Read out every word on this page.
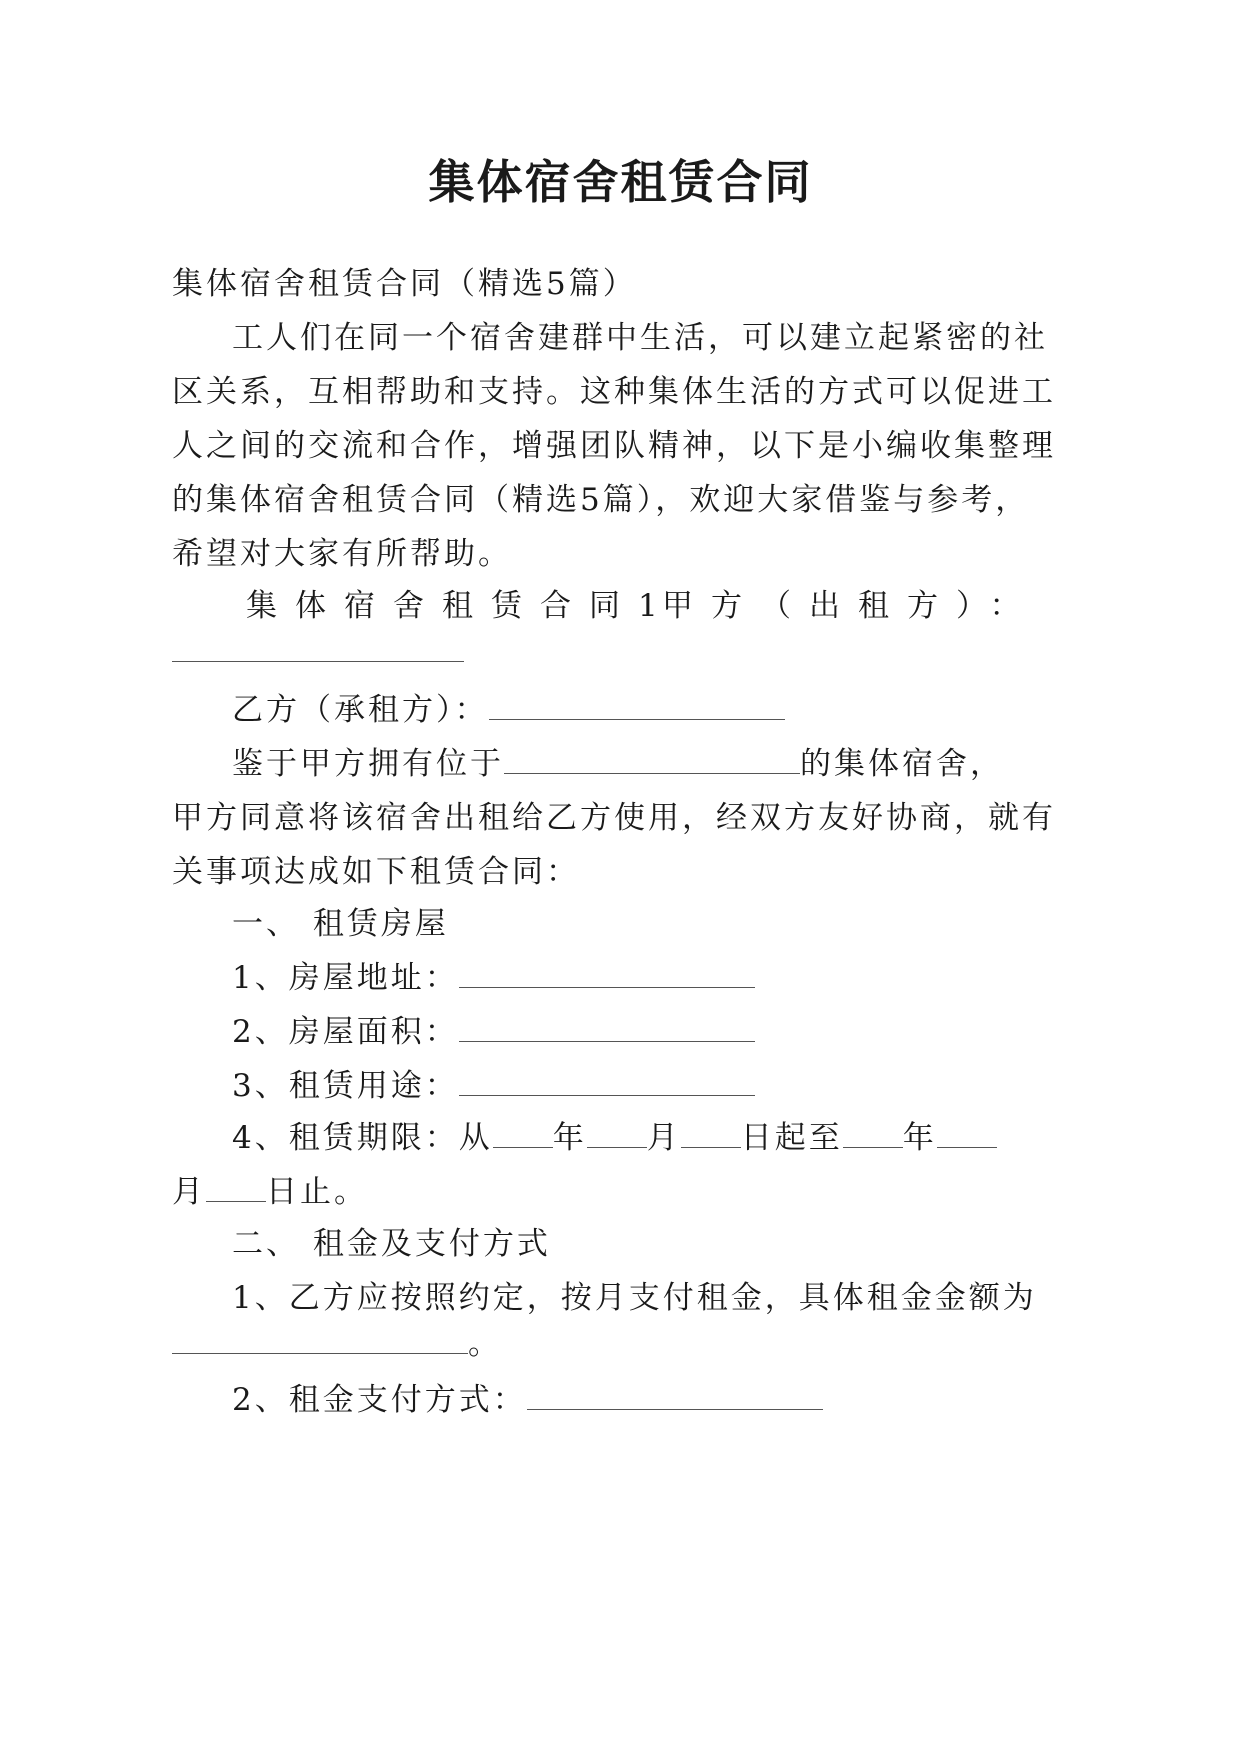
集体宿舍租赁合同
集体宿舍租赁合同（精选5篇）
工人们在同一个宿舍建群中生活，可以建立起紧密的社
区关系，互相帮助和支持。这种集体生活的方式可以促进工
人之间的交流和合作，增强团队精神，以下是小编收集整理
的集体宿舍租赁合同（精选5篇），欢迎大家借鉴与参考，
希望对大家有所帮助。
集体宿舍租赁合同1
甲方（出租方）：
乙方（承租方）：
鉴于甲方拥有位于	的集体宿舍，
甲方同意将该宿舍出租给乙方使用，经双方友好协商，就有
关事项达成如下租赁合同：
一、 租赁房屋
1、房屋地址：
2、房屋面积：
3、租赁用途：
4、租赁期限：从 年 月 日起至 年
月 日止。
二、 租金及支付方式
1、乙方应按照约定，按月支付租金，具体租金金额为
。
2、租金支付方式：
